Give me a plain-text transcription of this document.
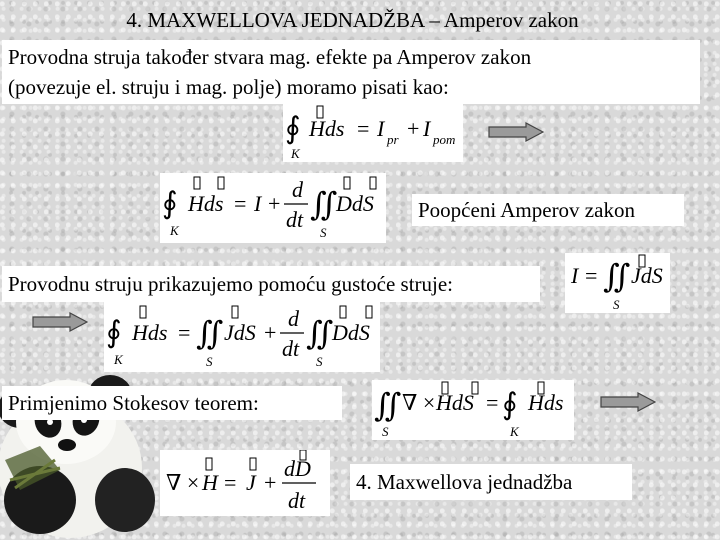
4. MAXWELLOVA JEDNADŽBA – Amperov zakon
Provodna struja također stvara mag. efekte pa Amperov zakon
(povezuje el. struju i mag. polje) moramo pisati kao:
∮
K
Hds = I pr + I pom
∮
K
Hds = I +
d
dt ∬
S
DdS Poopćeni Amperov zakon
Provodnu struju prikazujemo pomoću gustoće struje:	I = ∬
S
JdS
∮
K
Hds = ∬
S
JdS +
d
dt ∬
S
DdS
Primjenimo Stokesov teorem:	∬
S
∇ × HdS = ∮
K
Hds
∇ × H = J +
dD
dt
4. Maxwellova jednadžba
